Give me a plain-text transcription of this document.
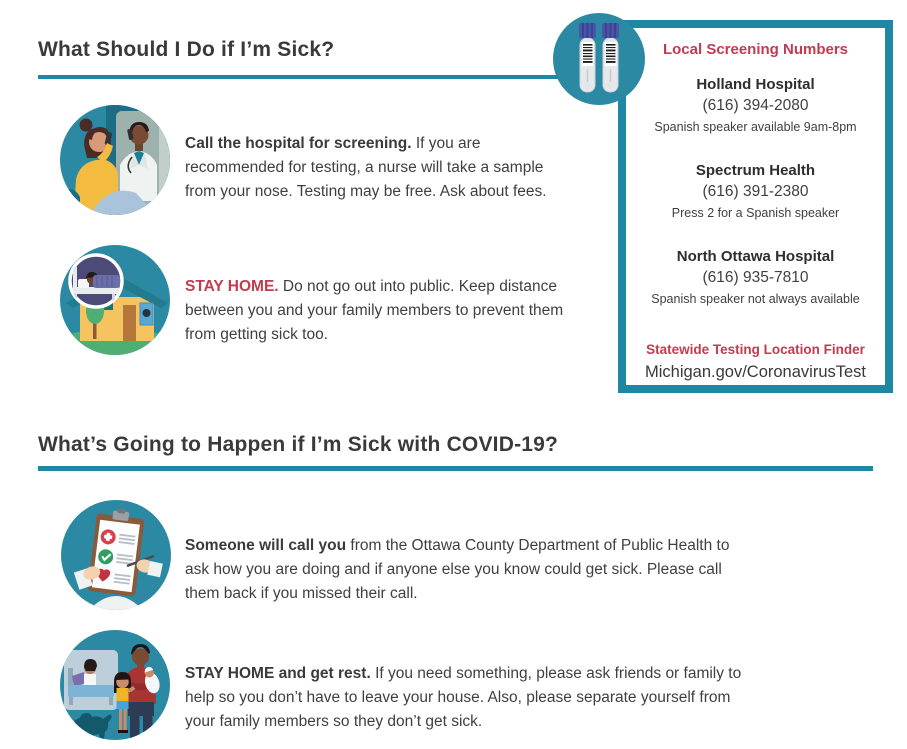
What Should I Do if I’m Sick?

Call the hospital for screening. If you are recommended for testing, a nurse will take a sample from your nose. Testing may be free. Ask about fees.

STAY HOME. Do not go out into public. Keep distance between you and your family members to prevent them from getting sick too.

Local Screening Numbers
Holland Hospital
(616) 394-2080
Spanish speaker available 9am-8pm
Spectrum Health
(616) 391-2380
Press 2 for a Spanish speaker
North Ottawa Hospital
(616) 935-7810
Spanish speaker not always available
Statewide Testing Location Finder
Michigan.gov/CoronavirusTest
What’s Going to Happen if I’m Sick with COVID-19?

Someone will call you from the Ottawa County Department of Public Health to ask how you are doing and if anyone else you know could get sick. Please call them back if you missed their call.

STAY HOME and get rest. If you need something, please ask friends or family to help so you don’t have to leave your house. Also, please separate yourself from your family members so they don’t get sick.
